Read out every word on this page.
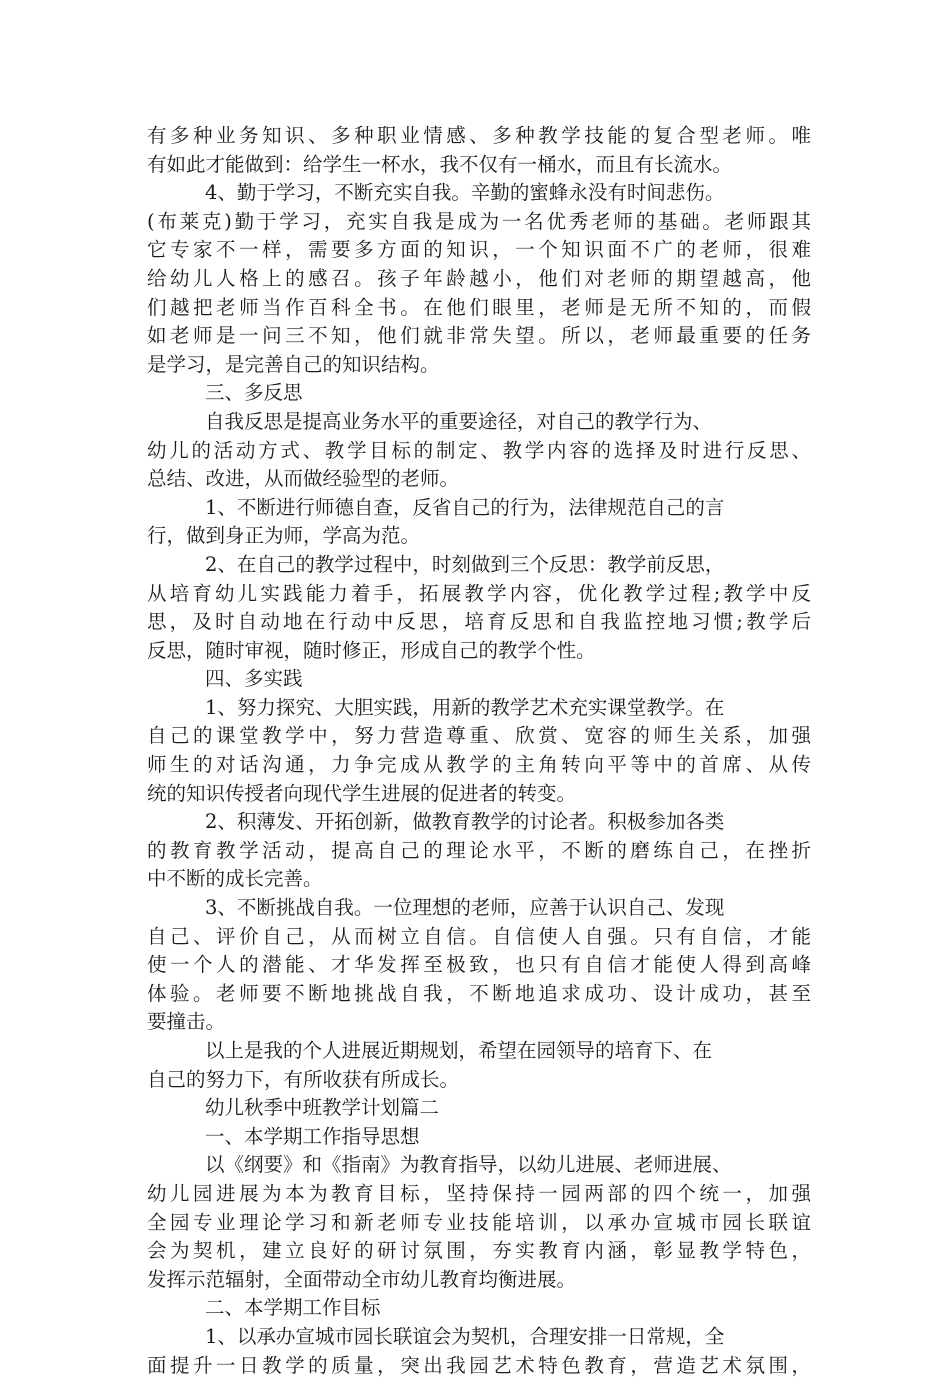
有多种业务知识、多种职业情感、多种教学技能的复合型老师。唯
有如此才能做到：给学生一杯水，我不仅有一桶水，而且有长流水。
4、勤于学习，不断充实自我。辛勤的蜜蜂永没有时间悲伤。
(布莱克)勤于学习，充实自我是成为一名优秀老师的基础。老师跟其
它专家不一样，需要多方面的知识，一个知识面不广的老师，很难
给幼儿人格上的感召。孩子年龄越小，他们对老师的期望越高，他
们越把老师当作百科全书。在他们眼里，老师是无所不知的，而假
如老师是一问三不知，他们就非常失望。所以，老师最重要的任务
是学习，是完善自己的知识结构。
三、多反思
自我反思是提高业务水平的重要途径，对自己的教学行为、
幼儿的活动方式、教学目标的制定、教学内容的选择及时进行反思、
总结、改进，从而做经验型的老师。
1、不断进行师德自查，反省自己的行为，法律规范自己的言
行，做到身正为师，学高为范。
2、在自己的教学过程中，时刻做到三个反思：教学前反思，
从培育幼儿实践能力着手，拓展教学内容，优化教学过程;教学中反
思，及时自动地在行动中反思，培育反思和自我监控地习惯;教学后
反思，随时审视，随时修正，形成自己的教学个性。
四、多实践
1、努力探究、大胆实践，用新的教学艺术充实课堂教学。在
自己的课堂教学中，努力营造尊重、欣赏、宽容的师生关系，加强
师生的对话沟通，力争完成从教学的主角转向平等中的首席、从传
统的知识传授者向现代学生进展的促进者的转变。
2、积薄发、开拓创新，做教育教学的讨论者。积极参加各类
的教育教学活动，提高自己的理论水平，不断的磨练自己，在挫折
中不断的成长完善。
3、不断挑战自我。一位理想的老师，应善于认识自己、发现
自己、评价自己，从而树立自信。自信使人自强。只有自信，才能
使一个人的潜能、才华发挥至极致，也只有自信才能使人得到高峰
体验。老师要不断地挑战自我，不断地追求成功、设计成功，甚至
要撞击。
以上是我的个人进展近期规划，希望在园领导的培育下、在
自己的努力下，有所收获有所成长。
幼儿秋季中班教学计划篇二
一、本学期工作指导思想
以《纲要》和《指南》为教育指导，以幼儿进展、老师进展、
幼儿园进展为本为教育目标，坚持保持一园两部的四个统一，加强
全园专业理论学习和新老师专业技能培训，以承办宣城市园长联谊
会为契机，建立良好的研讨氛围，夯实教育内涵，彰显教学特色，
发挥示范辐射，全面带动全市幼儿教育均衡进展。
二、本学期工作目标
1、以承办宣城市园长联谊会为契机，合理安排一日常规，全
面提升一日教学的质量，突出我园艺术特色教育，营造艺术氛围，
